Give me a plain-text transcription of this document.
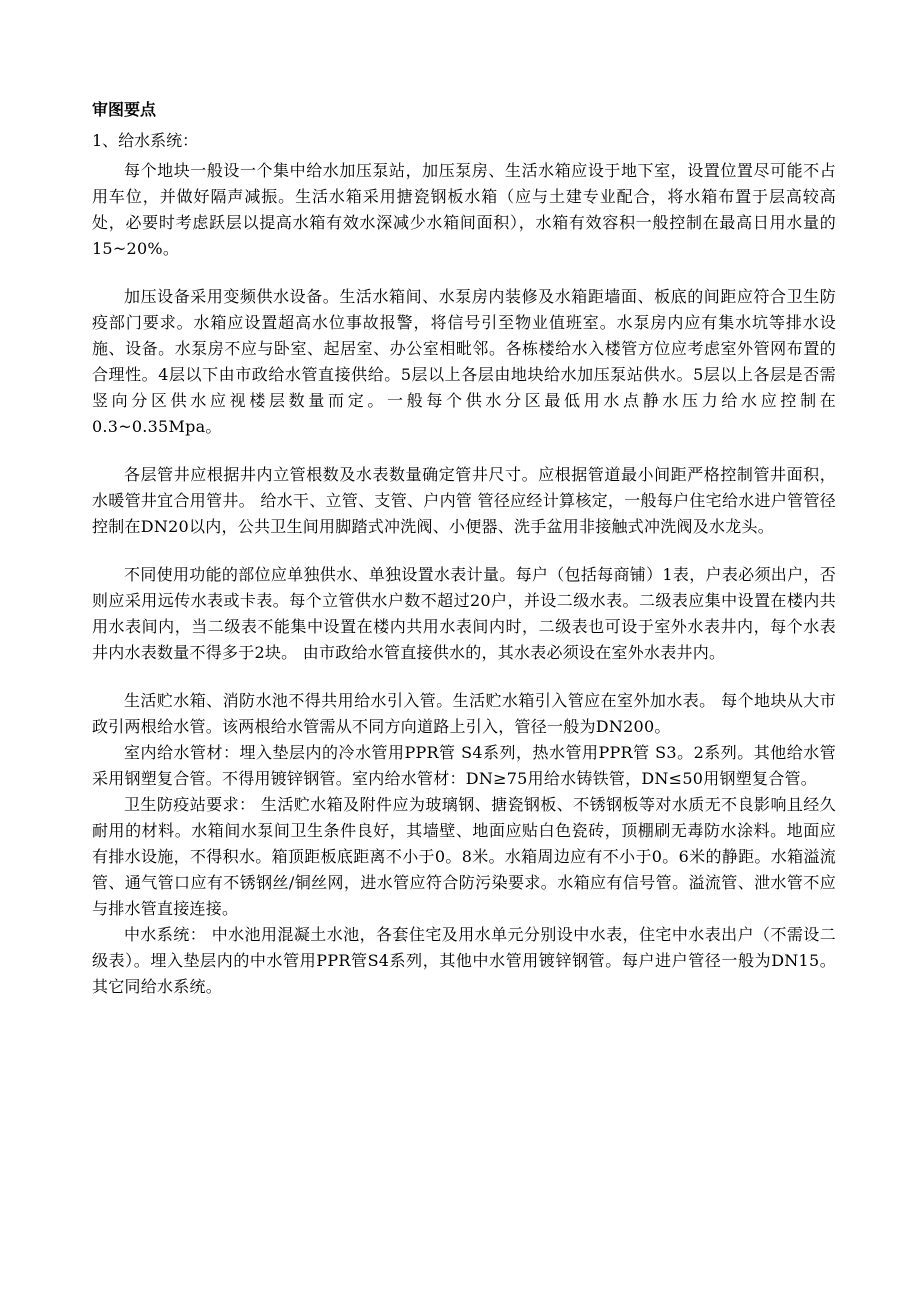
审图要点
1、给水系统：

每个地块一般设一个集中给水加压泵站，加压泵房、生活水箱应设于地下室，设置位置尽可能不占用车位，并做好隔声减振。生活水箱采用搪瓷钢板水箱（应与土建专业配合，将水箱布置于层高较高处，必要时考虑跃层以提高水箱有效水深减少水箱间面积），水箱有效容积一般控制在最高日用水量的15~20%。

加压设备采用变频供水设备。生活水箱间、水泵房内装修及水箱距墙面、板底的间距应符合卫生防疫部门要求。水箱应设置超高水位事故报警，将信号引至物业值班室。水泵房内应有集水坑等排水设施、设备。水泵房不应与卧室、起居室、办公室相毗邻。各栋楼给水入楼管方位应考虑室外管网布置的合理性。4层以下由市政给水管直接供给。5层以上各层由地块给水加压泵站供水。5层以上各层是否需竖向分区供水应视楼层数量而定。一般每个供水分区最低用水点静水压力给水应控制在0.3~0.35Mpa。

各层管井应根据井内立管根数及水表数量确定管井尺寸。应根据管道最小间距严格控制管井面积，水暖管井宜合用管井。 给水干、立管、支管、户内管 管径应经计算核定，一般每户住宅给水进户管管径控制在DN20以内，公共卫生间用脚踏式冲洗阀、小便器、洗手盆用非接触式冲洗阀及水龙头。

不同使用功能的部位应单独供水、单独设置水表计量。每户（包括每商铺）1表，户表必须出户，否则应采用远传水表或卡表。每个立管供水户数不超过20户，并设二级水表。二级表应集中设置在楼内共用水表间内，当二级表不能集中设置在楼内共用水表间内时，二级表也可设于室外水表井内，每个水表井内水表数量不得多于2块。 由市政给水管直接供水的，其水表必须设在室外水表井内。

生活贮水箱、消防水池不得共用给水引入管。生活贮水箱引入管应在室外加水表。 每个地块从大市政引两根给水管。该两根给水管需从不同方向道路上引入，管径一般为DN200。

室内给水管材：埋入垫层内的冷水管用PPR管 S4系列，热水管用PPR管 S3。2系列。其他给水管采用钢塑复合管。不得用镀锌钢管。室内给水管材：DN≥75用给水铸铁管，DN≤50用钢塑复合管。

卫生防疫站要求： 生活贮水箱及附件应为玻璃钢、搪瓷钢板、不锈钢板等对水质无不良影响且经久耐用的材料。水箱间水泵间卫生条件良好，其墙壁、地面应贴白色瓷砖，顶棚刷无毒防水涂料。地面应有排水设施，不得积水。箱顶距板底距离不小于0。8米。水箱周边应有不小于0。6米的静距。水箱溢流管、通气管口应有不锈钢丝/铜丝网，进水管应符合防污染要求。水箱应有信号管。溢流管、泄水管不应与排水管直接连接。

中水系统： 中水池用混凝土水池，各套住宅及用水单元分别设中水表，住宅中水表出户（不需设二级表）。埋入垫层内的中水管用PPR管S4系列，其他中水管用镀锌钢管。每户进户管径一般为DN15。其它同给水系统。
